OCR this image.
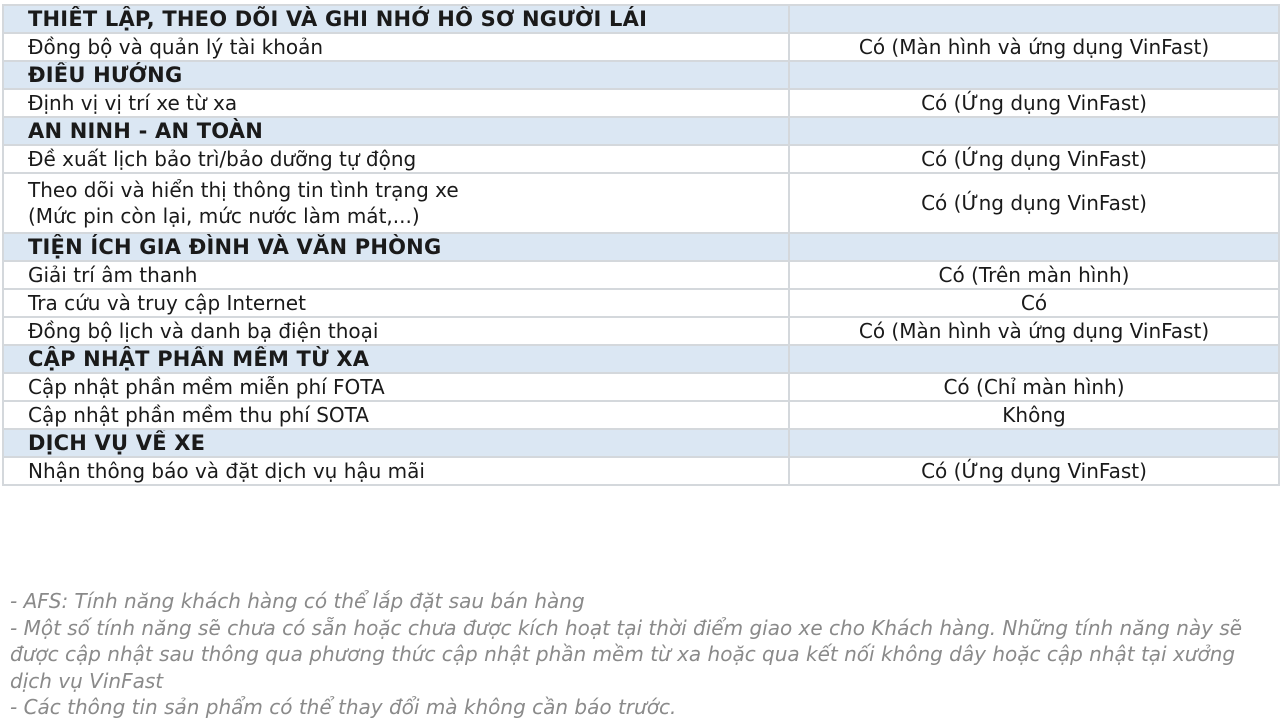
THIẾT LẬP, THEO DÕI VÀ GHI NHỚ HỒ SƠ NGƯỜI LÁI	
Đồng bộ và quản lý tài khoản	Có (Màn hình và ứng dụng VinFast)
ĐIỀU HƯỚNG	
Định vị vị trí xe từ xa	Có (Ứng dụng VinFast)
AN NINH - AN TOÀN	
Đề xuất lịch bảo trì/bảo dưỡng tự động	Có (Ứng dụng VinFast)

Theo dõi và hiển thị thông tin tình trạng xe
(Mức pin còn lại, mức nước làm mát,...)	Có (Ứng dụng VinFast)
TIỆN ÍCH GIA ĐÌNH VÀ VĂN PHÒNG	
Giải trí âm thanh	Có (Trên màn hình)
Tra cứu và truy cập Internet	Có
Đồng bộ lịch và danh bạ điện thoại	Có (Màn hình và ứng dụng VinFast)
CẬP NHẬT PHẦN MỀM TỪ XA	
Cập nhật phần mềm miễn phí FOTA	Có (Chỉ màn hình)
Cập nhật phần mềm thu phí SOTA	Không
DỊCH VỤ VỀ XE	
Nhận thông báo và đặt dịch vụ hậu mãi	Có (Ứng dụng VinFast)

- AFS: Tính năng khách hàng có thể lắp đặt sau bán hàng

- Một số tính năng sẽ chưa có sẵn hoặc chưa được kích hoạt tại thời điểm giao xe cho Khách hàng. Những tính năng này sẽ được cập nhật sau thông qua phương thức cập nhật phần mềm từ xa hoặc qua kết nối không dây hoặc cập nhật tại xưởng dịch vụ VinFast

- Các thông tin sản phẩm có thể thay đổi mà không cần báo trước.
